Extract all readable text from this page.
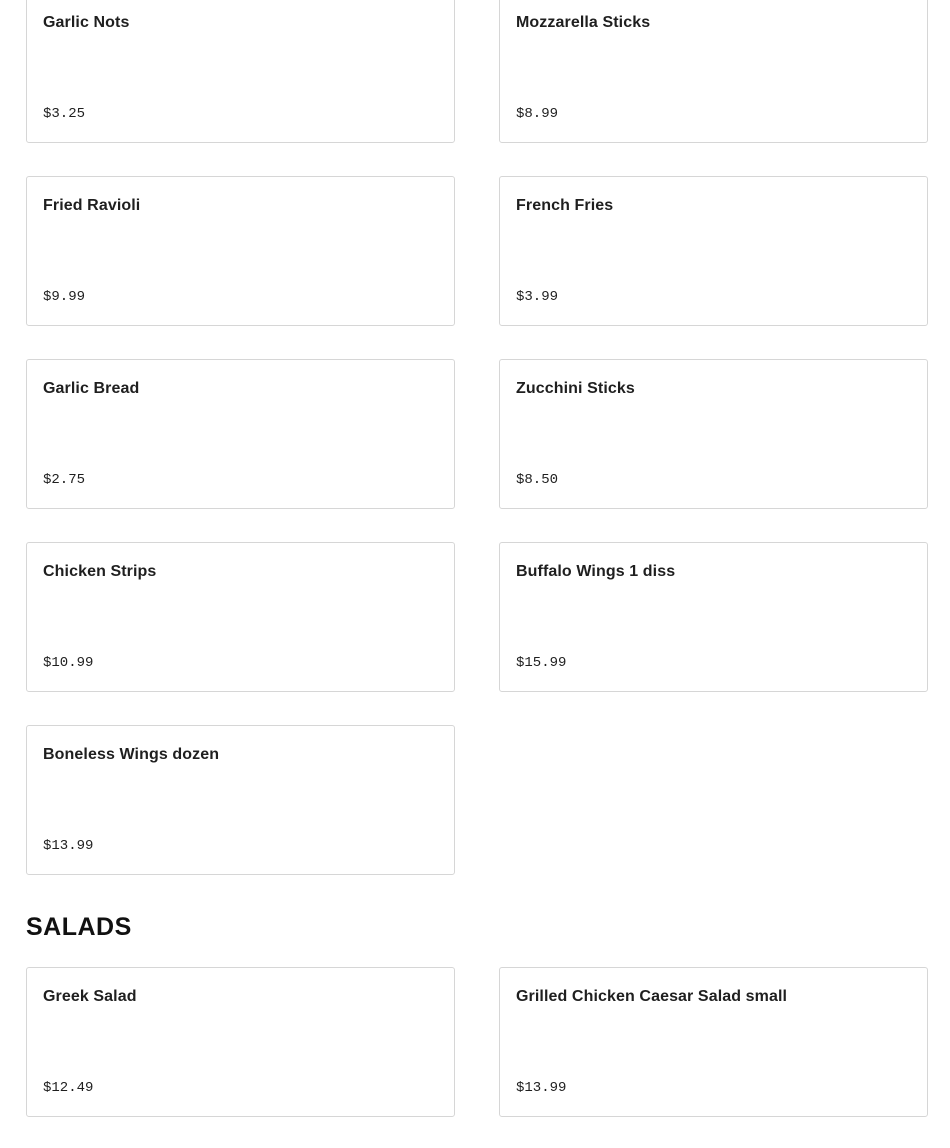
Garlic Nots
$3.25
Mozzarella Sticks
$8.99
Fried Ravioli
$9.99
French Fries
$3.99
Garlic Bread
$2.75
Zucchini Sticks
$8.50
Chicken Strips
$10.99
Buffalo Wings 1 diss
$15.99
Boneless Wings dozen
$13.99
SALADS
Greek Salad
$12.49
Grilled Chicken Caesar Salad small
$13.99
